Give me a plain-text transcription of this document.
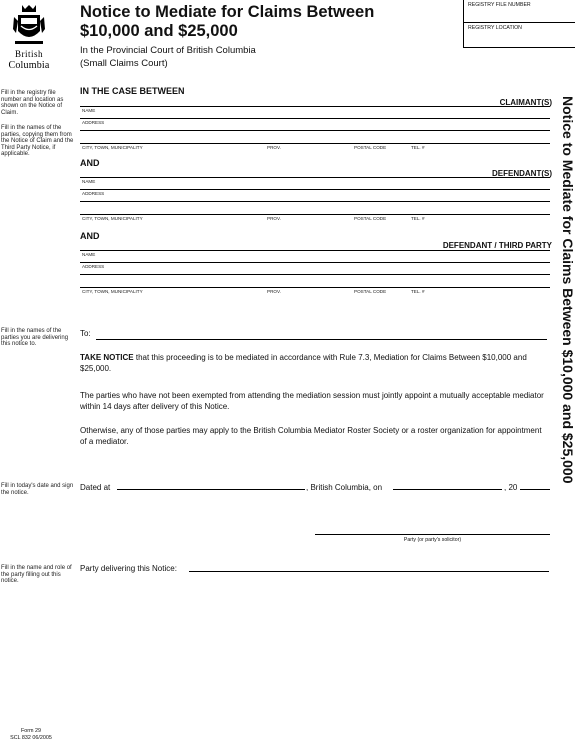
British
Columbia
Notice to Mediate for Claims Between $10,000 and $25,000
In the Provincial Court of British Columbia
(Small Claims Court)
REGISTRY FILE NUMBER
REGISTRY LOCATION
Notice to Mediate for Claims Between $10,000 and $25,000
Fill in the registry file number and location as shown on the Notice of Claim.
Fill in the names of the parties, copying them from the Notice of Claim and the Third Party Notice, if applicable.
Fill in the names of the parties you are delivering this notice to.
Fill in today's date and sign the notice.
Fill in the name and role of the party filling out this notice.
IN THE CASE BETWEEN
CLAIMANT(S)
NAME
ADDRESS
CITY, TOWN, MUNICIPALITY	PROV.	POSTAL CODE	TEL. #
AND
DEFENDANT(S)
NAME
ADDRESS
CITY, TOWN, MUNICIPALITY	PROV.	POSTAL CODE	TEL. #
AND
DEFENDANT / THIRD PARTY
NAME
ADDRESS
CITY, TOWN, MUNICIPALITY	PROV.	POSTAL CODE	TEL. #
To:
TAKE NOTICE that this proceeding is to be mediated in accordance with Rule 7.3, Mediation for Claims Between $10,000 and $25,000.
The parties who have not been exempted from attending the mediation session must jointly appoint a mutually acceptable mediator within 14 days after delivery of this Notice.
Otherwise, any of those parties may apply to the British Columbia Mediator Roster Society or a roster organization for appointment of a mediator.
Dated at	, British Columbia, on	, 20
Party (or party's solicitor)
Party delivering this Notice:
Form 29
SCL 832 06/2005
